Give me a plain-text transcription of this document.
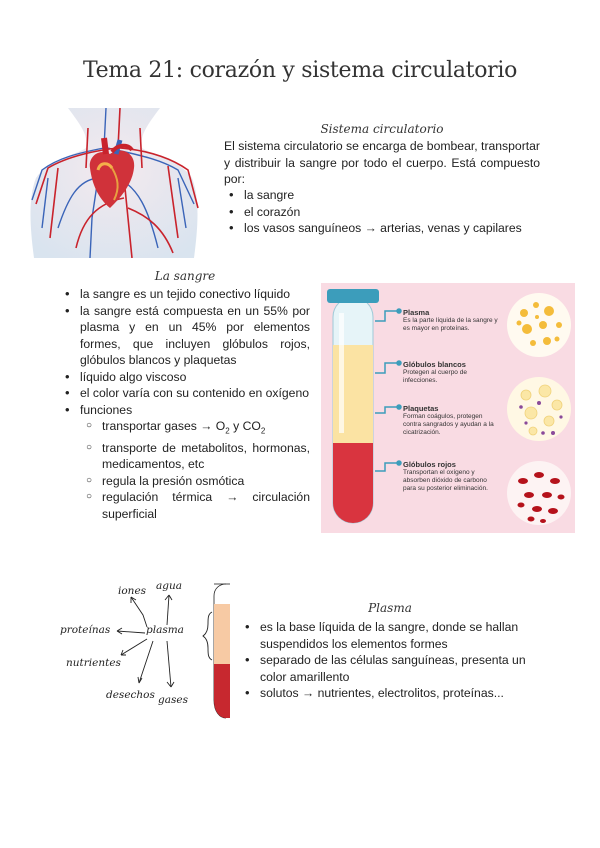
Tema 21: corazón y sistema circulatorio
Sistema circulatorio
El sistema circulatorio se encarga de bombear, transportar y distribuir la sangre por todo el cuerpo. Está compuesto por:
• la sangre
• el corazón
• los vasos sanguíneos → arterias, venas y capilares
La sangre
• la sangre es un tejido conectivo líquido
• la sangre está compuesta en un 55% por plasma y en un 45% por elementos formes, que incluyen glóbulos rojos, glóbulos blancos y plaquetas
• líquido algo viscoso
• el color varía con su contenido en oxígeno
• funciones
○ transportar gases → $O_2$ y $CO_2$
○ transporte de metabolitos, hormonas, medicamentos, etc
○ regula la presión osmótica
○ regulación térmica → circulación superficial
Plasma
Es la parte líquida de la sangre y es mayor en proteínas.
Glóbulos blancos
Protegen al cuerpo de infecciones.
Plaquetas
Forman coágulos, protegen contra sangrados y ayudan a la cicatrización.
Glóbulos rojos
Transportan el oxígeno y absorben dióxido de carbono para su posterior eliminación.
plasma
iones agua
proteínas
nutrientes
desechos gases
Plasma
• es la base líquida de la sangre, donde se hallan suspendidos los elementos formes
• separado de las células sanguíneas, presenta un color amarillento
• solutos → nutrientes, electrolitos, proteínas...
